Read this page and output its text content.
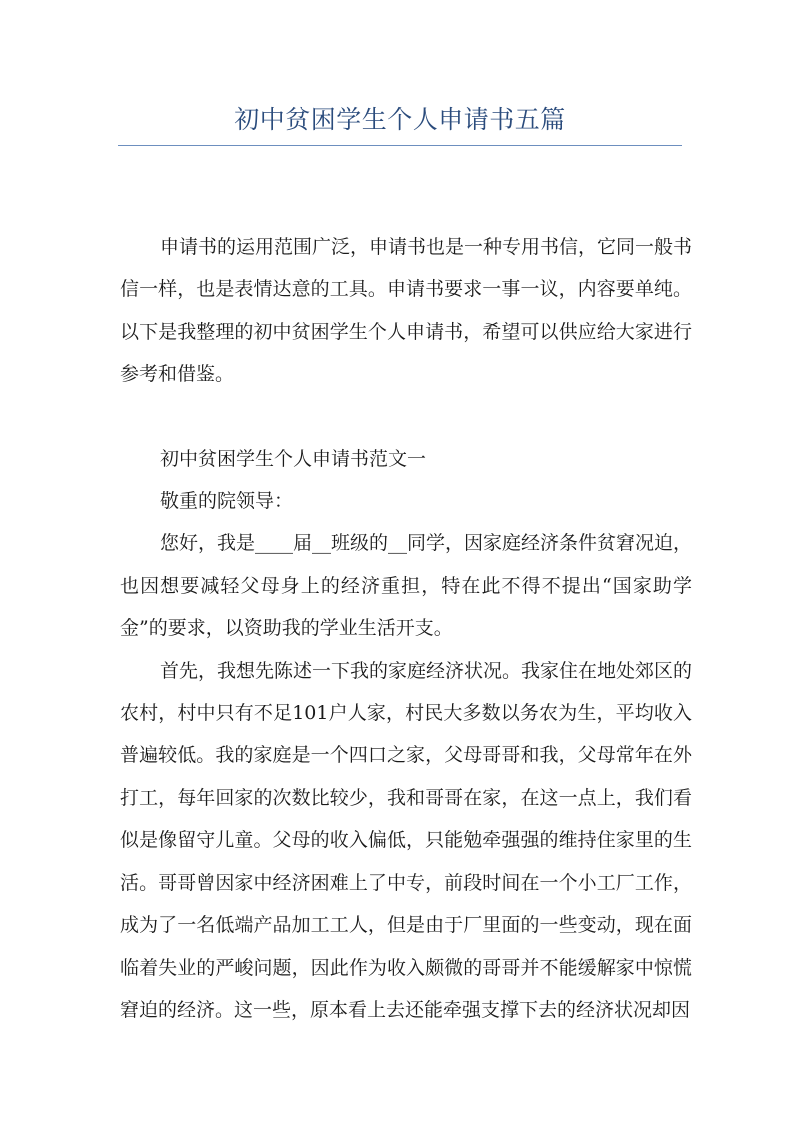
初中贫困学生个人申请书五篇

申请书的运用范围广泛，申请书也是一种专用书信，它同一般书信一样，也是表情达意的工具。申请书要求一事一议，内容要单纯。以下是我整理的初中贫困学生个人申请书，希望可以供应给大家进行参考和借鉴。

初中贫困学生个人申请书范文一

敬重的院领导：

您好，我是____届__班级的__同学，因家庭经济条件贫窘况迫，也因想要减轻父母身上的经济重担，特在此不得不提出“国家助学金”的要求，以资助我的学业生活开支。

首先，我想先陈述一下我的家庭经济状况。我家住在地处郊区的农村，村中只有不足101户人家，村民大多数以务农为生，平均收入普遍较低。我的家庭是一个四口之家，父母哥哥和我，父母常年在外打工，每年回家的次数比较少，我和哥哥在家，在这一点上，我们看似是像留守儿童。父母的收入偏低，只能勉牵强强的维持住家里的生活。哥哥曾因家中经济困难上了中专，前段时间在一个小工厂工作，成为了一名低端产品加工工人，但是由于厂里面的一些变动，现在面临着失业的严峻问题，因此作为收入颇微的哥哥并不能缓解家中惊慌窘迫的经济。这一些，原本看上去还能牵强支撑下去的经济状况却因
